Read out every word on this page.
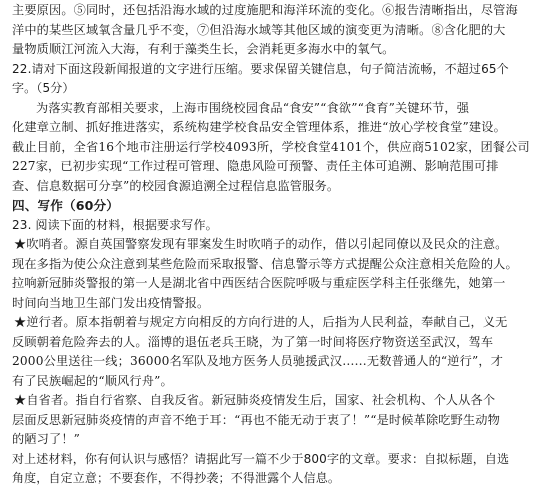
主要原因。⑤同时，还包括沿海水域的过度施肥和海洋环流的变化。⑥报告清晰指出，尽管海
洋中的某些区域氧含量几乎不变，⑦但沿海水域等其他区域的演变更为清晰。⑧含化肥的大
量物质顺江河流入大海，有利于藻类生长，会消耗更多海水中的氧气。
22.请对下面这段新闻报道的文字进行压缩。要求保留关键信息，句子简洁流畅，不超过65个
字。（5分）
为落实教育部相关要求，上海市围绕校园食品“食安”“食欲”“食育”关键环节，强
化建章立制、抓好推进落实，系统构建学校食品安全管理体系，推进“放心学校食堂”建设。
截止目前，全省16个地市注册运行学校4093所，学校食堂4101个，供应商5102家，团餐公司
227家，已初步实现“工作过程可管理、隐患风险可预警、责任主体可追溯、影响范围可排
查、信息数据可分享”的校园食源追溯全过程信息监管服务。
四、写作（60分）
23. 阅读下面的材料，根据要求写作。
★吹哨者。源自英国警察发现有罪案发生时吹哨子的动作，借以引起同僚以及民众的注意。
现在多指为使公众注意到某些危险而采取报警、信息警示等方式提醒公众注意相关危险的人。
拉响新冠肺炎警报的第一人是湖北省中西医结合医院呼吸与重症医学科主任张继先，她第一
时间向当地卫生部门发出疫情警报。
★逆行者。原本指朝着与规定方向相反的方向行进的人，后指为人民利益，奉献自己，义无
反顾朝着危险奔去的人。淄博的退伍老兵王晓，为了第一时间将医疗物资送至武汉，驾车
2000公里送往一线；36000名军队及地方医务人员驰援武汉……无数普通人的“逆行”，才
有了民族崛起的“顺风行舟”。
★自省者。指自行省察、自我反省。新冠肺炎疫情发生后，国家、社会机构、个人从各个
层面反思新冠肺炎疫情的声音不绝于耳：“再也不能无动于衷了！”“是时候革除吃野生动物
的陋习了！”
对上述材料，你有何认识与感悟？请据此写一篇不少于800字的文章。要求：自拟标题，自选
角度，自定立意；不要套作，不得抄袭；不得泄露个人信息。
